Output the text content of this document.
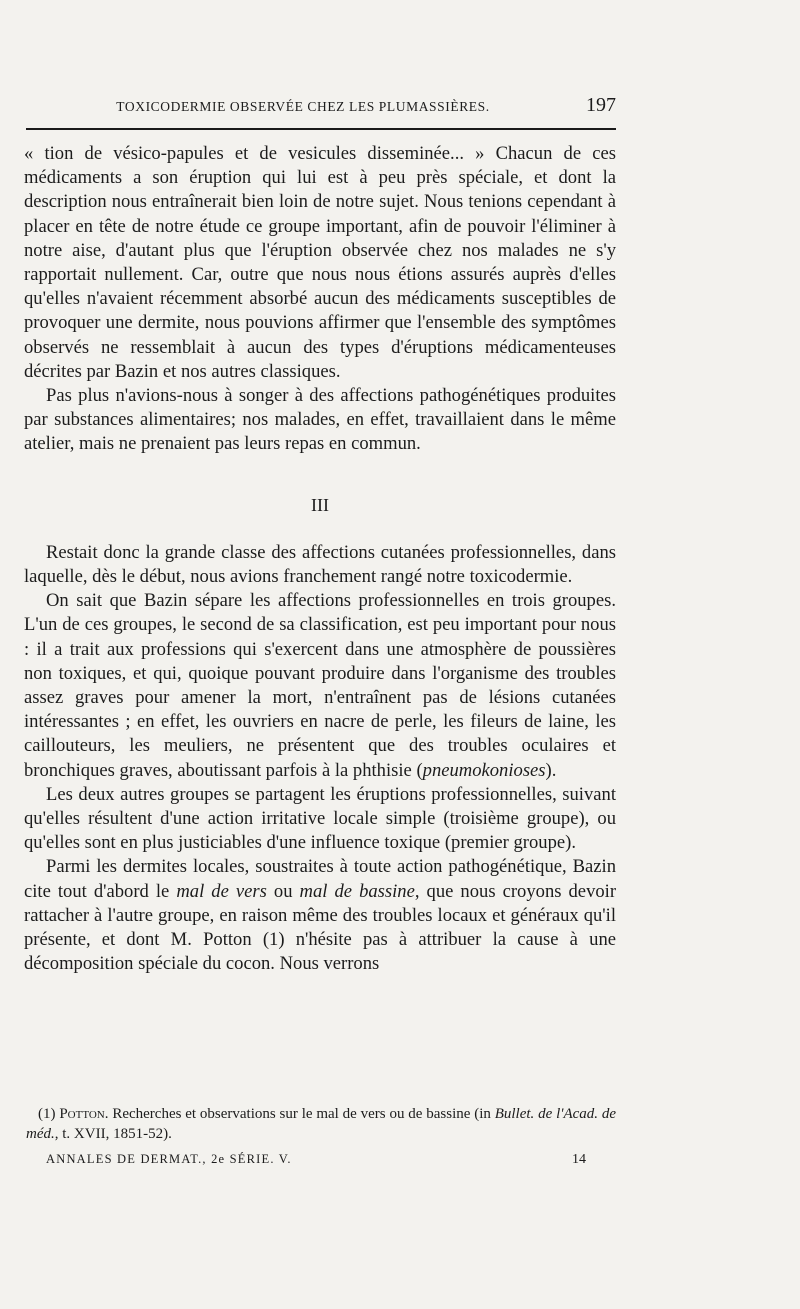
TOXICODERMIE OBSERVÉE CHEZ LES PLUMASSIÈRES.	197

« tion de vésico-papules et de vesicules disseminée... » Chacun de ces médicaments a son éruption qui lui est à peu près spéciale, et dont la description nous entraînerait bien loin de notre sujet. Nous tenions cependant à placer en tête de notre étude ce groupe important, afin de pouvoir l'éliminer à notre aise, d'autant plus que l'éruption observée chez nos malades ne s'y rapportait nullement. Car, outre que nous nous étions assurés auprès d'elles qu'elles n'avaient récemment absorbé aucun des médicaments susceptibles de provoquer une dermite, nous pouvions affirmer que l'ensemble des symptômes observés ne ressemblait à aucun des types d'éruptions médicamenteuses décrites par Bazin et nos autres classiques.

Pas plus n'avions-nous à songer à des affections pathogénétiques produites par substances alimentaires; nos malades, en effet, travaillaient dans le même atelier, mais ne prenaient pas leurs repas en commun.

III

Restait donc la grande classe des affections cutanées professionnelles, dans laquelle, dès le début, nous avions franchement rangé notre toxicodermie.

On sait que Bazin sépare les affections professionnelles en trois groupes. L'un de ces groupes, le second de sa classification, est peu important pour nous : il a trait aux professions qui s'exercent dans une atmosphère de poussières non toxiques, et qui, quoique pouvant produire dans l'organisme des troubles assez graves pour amener la mort, n'entraînent pas de lésions cutanées intéressantes ; en effet, les ouvriers en nacre de perle, les fileurs de laine, les caillouteurs, les meuliers, ne présentent que des troubles oculaires et bronchiques graves, aboutissant parfois à la phthisie (pneumokonioses).

Les deux autres groupes se partagent les éruptions professionnelles, suivant qu'elles résultent d'une action irritative locale simple (troisième groupe), ou qu'elles sont en plus justiciables d'une influence toxique (premier groupe).

Parmi les dermites locales, soustraites à toute action pathogénétique, Bazin cite tout d'abord le mal de vers ou mal de bassine, que nous croyons devoir rattacher à l'autre groupe, en raison même des troubles locaux et généraux qu'il présente, et dont M. Potton (1) n'hésite pas à attribuer la cause à une décomposition spéciale du cocon. Nous verrons

(1) Potton. Recherches et observations sur le mal de vers ou de bassine (in Bullet. de l'Acad. de méd., t. XVII, 1851-52).
ANNALES DE DERMAT., 2e SÉRIE. V.	14
